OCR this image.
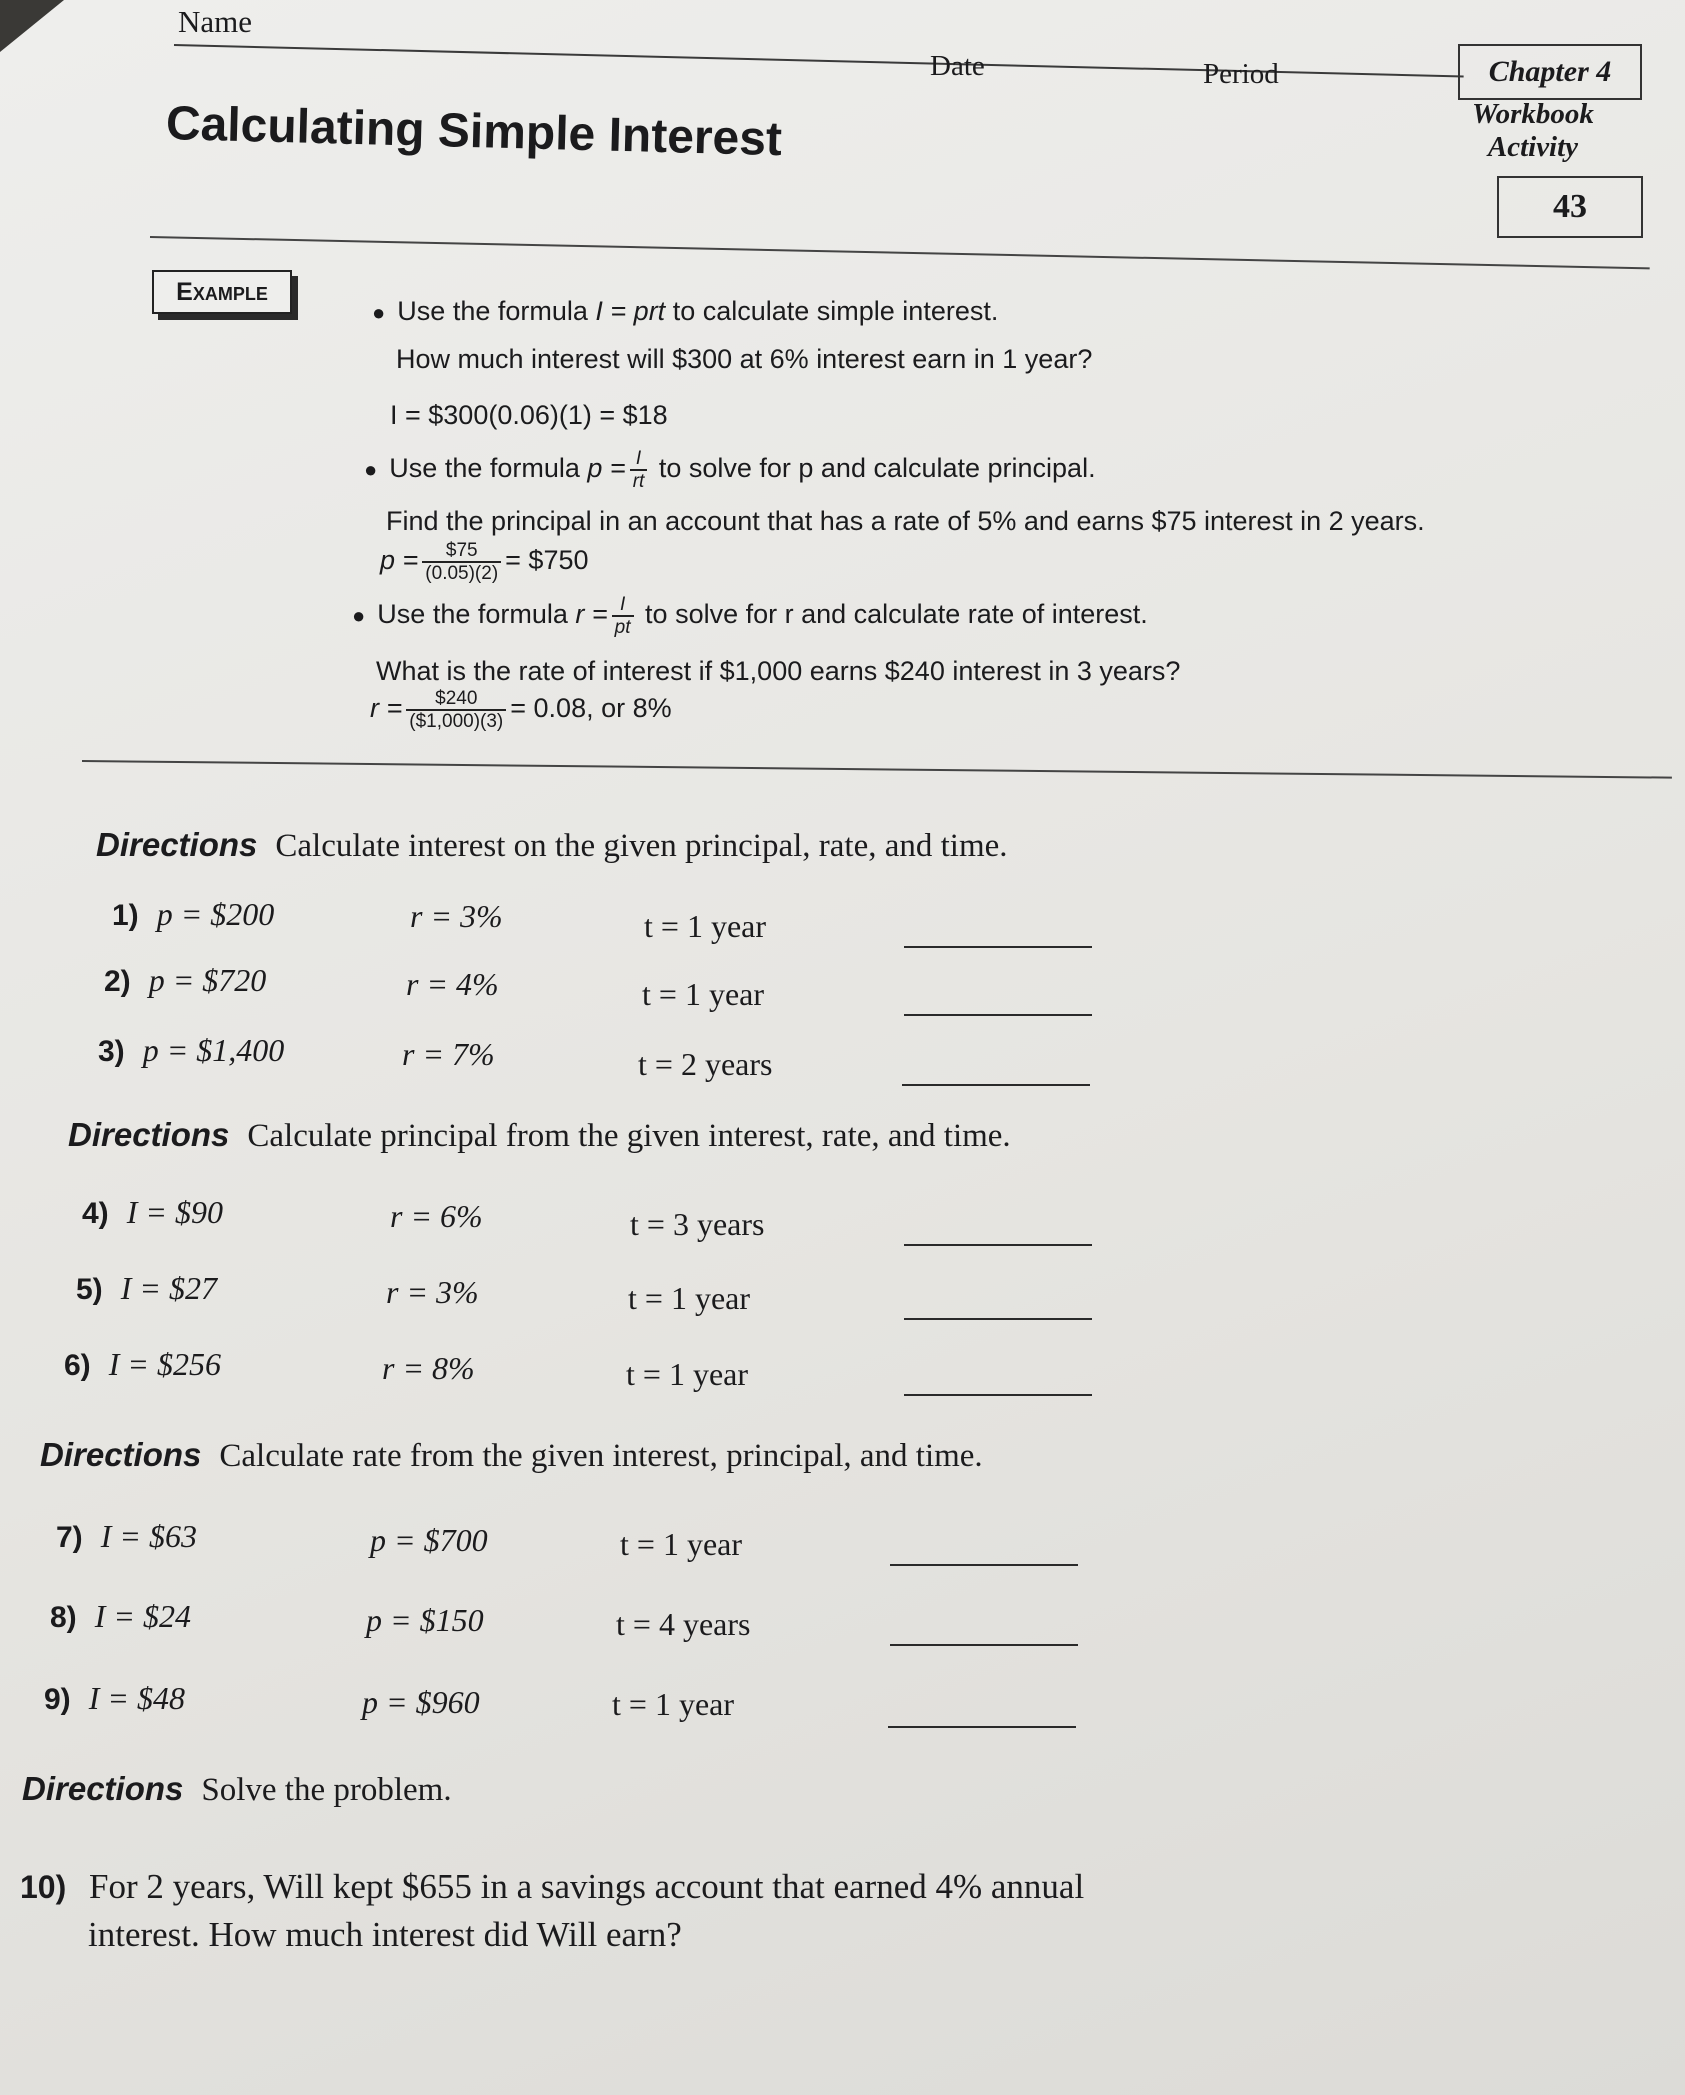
Name
Date	Period	Chapter 4
Workbook
Activity
43
Calculating Simple Interest
Example
● Use the formula I = prt to calculate simple interest.
How much interest will $300 at 6% interest earn in 1 year?
I = $300(0.06)(1) = $18
● Use the formula $p = \frac{I}{rt}$ to solve for p and calculate principal.
Find the principal in an account that has a rate of 5% and earns $75 interest in 2 years.
$p = \frac{\$75}{(0.05)(2)}$ = $750
● Use the formula $r = \frac{I}{pt}$ to solve for r and calculate rate of interest.
What is the rate of interest if $1,000 earns $240 interest in 3 years?
$r = \frac{\$240}{(\$1,000)(3)} = 0.08$, or 8%
Directions Calculate interest on the given principal, rate, and time.
1) p = $200	r = 3%	t = 1 year
2) p = $720	r = 4%	t = 1 year
3) p = $1,400	r = 7%	t = 2 years
Directions Calculate principal from the given interest, rate, and time.
4) I = $90	r = 6%	t = 3 years
5) I = $27	r = 3%	t = 1 year
6) I = $256	r = 8%	t = 1 year
Directions Calculate rate from the given interest, principal, and time.
7) I = $63	p = $700	t = 1 year
8) I = $24	p = $150	t = 4 years
9) I = $48	p = $960	t = 1 year
Directions Solve the problem.
10) For 2 years, Will kept $655 in a savings account that earned 4% annual
interest. How much interest did Will earn?
